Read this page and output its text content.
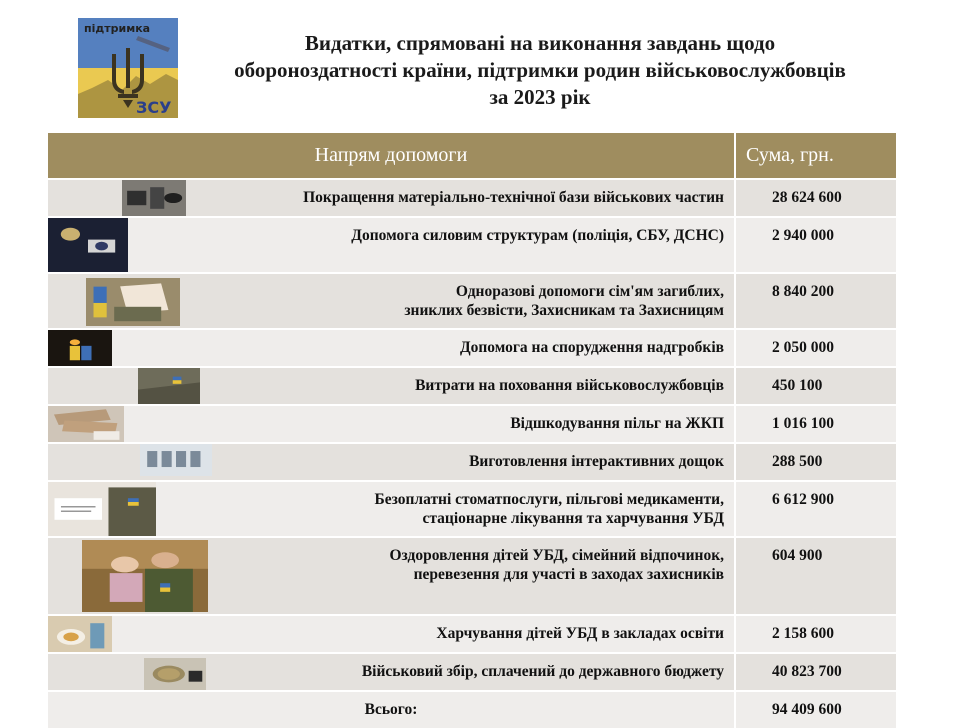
підтримка
ЗСУ
Видатки, спрямовані на виконання завдань щодо
обороноздатності країни, підтримки родин військовослужбовців
за 2023 рік
Напрям допомоги	Сума, грн.

Покращення матеріально-технічної бази військових частин	28 624 600

Допомога силовим структурам (поліція, СБУ, ДСНС)	2 940 000

Одноразові допомоги сім'ям загиблих,
зниклих безвісти, Захисникам та Захисницям	8 840 200

Допомога на спорудження надгробків	2 050 000

Витрати на поховання військовослужбовців	450 100

Відшкодування пільг на ЖКП	1 016 100

Виготовлення інтерактивних дощок	288 500

Безоплатні стоматпослуги, пільгові медикаменти,
стаціонарне лікування та харчування УБД	6 612 900

Оздоровлення дітей УБД, сімейний відпочинок,
перевезення для участі в заходах захисників	604 900

Харчування дітей УБД в закладах освіти	2 158 600

Військовий збір, сплачений до державного бюджету	40 823 700

Всього:	94 409 600
